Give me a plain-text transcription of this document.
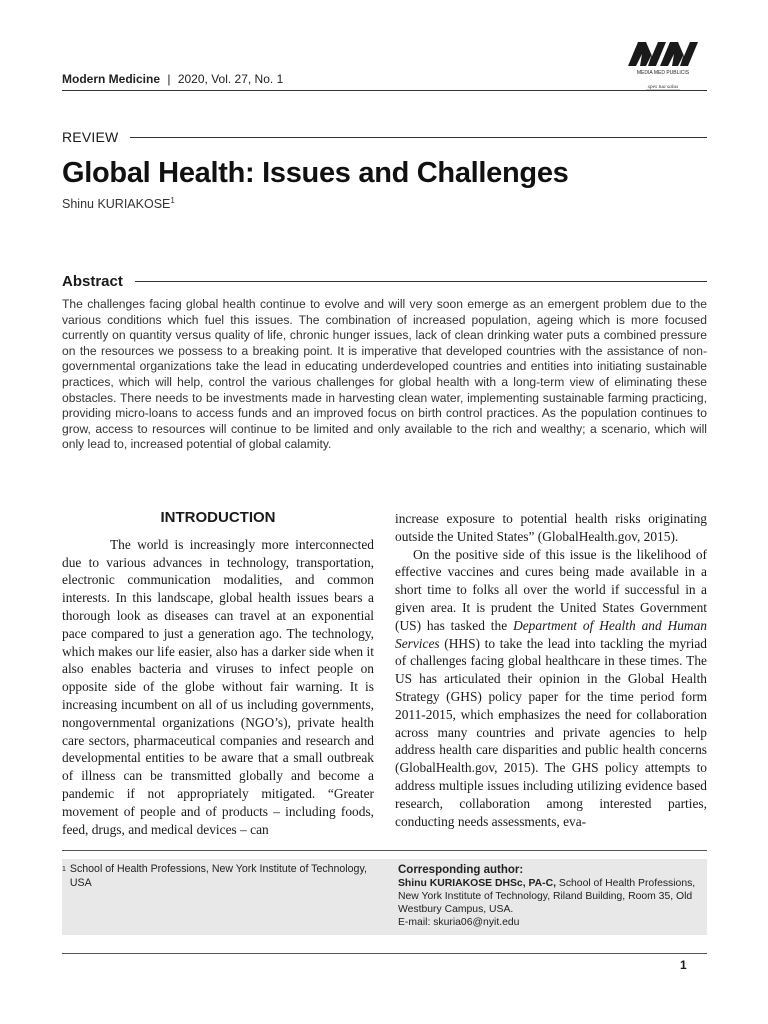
MEDIA MED PUBLICIS
spes tua salus
Modern Medicine | 2020, Vol. 27, No. 1
REVIEW
Global Health: Issues and Challenges
Shinu KURIAKOSE$^1$
Abstract

The challenges facing global health continue to evolve and will very soon emerge as an emergent problem due to the various conditions which fuel this issues. The combination of increased population, ageing which is more focused currently on quantity versus quality of life, chronic hunger issues, lack of clean drinking water puts a combined pressure on the resources we possess to a breaking point. It is imperative that developed countries with the assistance of non-governmental organizations take the lead in educating underdeveloped countries and entities into initiating sustainable practices, which will help, control the various challenges for global health with a long-term view of eliminating these obstacles. There needs to be investments made in harvesting clean water, implementing sustainable farming practicing, providing micro-loans to access funds and an improved focus on birth control practices. As the population continues to grow, access to resources will continue to be limited and only available to the rich and wealthy; a scenario, which will only lead to, increased potential of global calamity.

INTRODUCTION

The world is increasingly more interconnected due to various advances in technology, transportation, electronic communication modalities, and common interests. In this landscape, global health issues bears a thorough look as diseases can travel at an exponential pace compared to just a generation ago. The technology, which makes our life easier, also has a darker side when it also enables bacteria and viruses to infect people on opposite side of the globe without fair warning. It is increasing incumbent on all of us including governments, nongovernmental organizations (NGO’s), private health care sectors, pharmaceutical companies and research and developmental entities to be aware that a small outbreak of illness can be transmitted globally and become a pandemic if not appropriately mitigated. “Greater movement of people and of products – including foods, feed, drugs, and medical devices – can

increase exposure to potential health risks originating outside the United States” (GlobalHealth.gov, 2015).

On the positive side of this issue is the likelihood of effective vaccines and cures being made available in a short time to folks all over the world if successful in a given area. It is prudent the United States Government (US) has tasked the Department of Health and Human Services (HHS) to take the lead into tackling the myriad of challenges facing global healthcare in these times. The US has articulated their opinion in the Global Health Strategy (GHS) policy paper for the time period form 2011-2015, which emphasizes the need for collaboration across many countries and private agencies to help address health care disparities and public health concerns (GlobalHealth.gov, 2015). The GHS policy attempts to address multiple issues including utilizing evidence based research, collaboration among interested parties, conducting needs assessments, eva-

$^1$ School of Health Professions, New York Institute of Technology, USA
Corresponding author:
Shinu KURIAKOSE DHSc, PA-C, School of Health Professions, New York Institute of Technology, Riland Building, Room 35, Old Westbury Campus, USA.
E-mail: skuria06@nyit.edu
1
